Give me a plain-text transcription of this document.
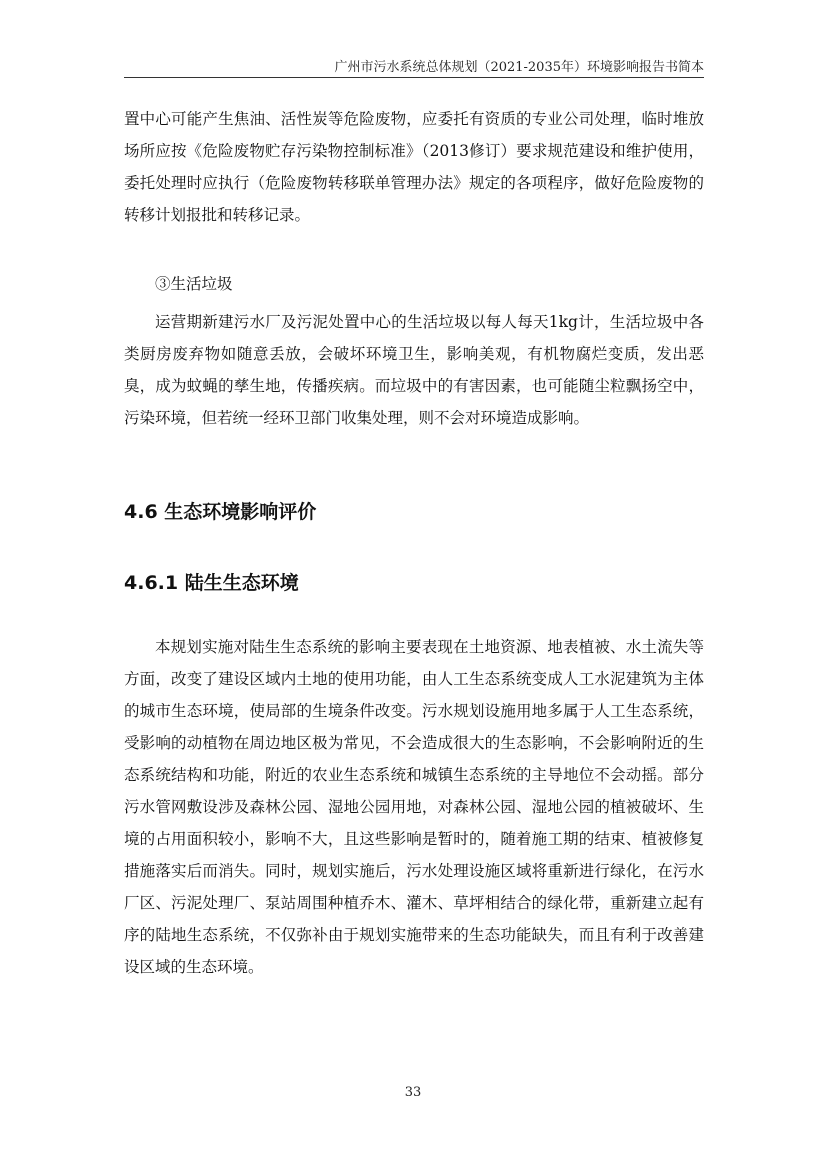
广州市污水系统总体规划（2021-2035年）环境影响报告书简本

置中心可能产生焦油、活性炭等危险废物，应委托有资质的专业公司处理，临时堆放场所应按《危险废物贮存污染物控制标准》（2013修订）要求规范建设和维护使用，委托处理时应执行（危险废物转移联单管理办法》规定的各项程序，做好危险废物的转移计划报批和转移记录。

③生活垃圾

运营期新建污水厂及污泥处置中心的生活垃圾以每人每天1kg计，生活垃圾中各类厨房废弃物如随意丢放，会破坏环境卫生，影响美观，有机物腐烂变质，发出恶臭，成为蚊蝇的孳生地，传播疾病。而垃圾中的有害因素，也可能随尘粒飘扬空中，污染环境，但若统一经环卫部门收集处理，则不会对环境造成影响。

4.6 生态环境影响评价
4.6.1 陆生生态环境

本规划实施对陆生生态系统的影响主要表现在土地资源、地表植被、水土流失等方面，改变了建设区域内土地的使用功能，由人工生态系统变成人工水泥建筑为主体的城市生态环境，使局部的生境条件改变。污水规划设施用地多属于人工生态系统，受影响的动植物在周边地区极为常见，不会造成很大的生态影响，不会影响附近的生态系统结构和功能，附近的农业生态系统和城镇生态系统的主导地位不会动摇。部分污水管网敷设涉及森林公园、湿地公园用地，对森林公园、湿地公园的植被破坏、生境的占用面积较小，影响不大，且这些影响是暂时的，随着施工期的结束、植被修复措施落实后而消失。同时，规划实施后，污水处理设施区域将重新进行绿化，在污水厂区、污泥处理厂、泵站周围种植乔木、灌木、草坪相结合的绿化带，重新建立起有序的陆地生态系统，不仅弥补由于规划实施带来的生态功能缺失，而且有利于改善建设区域的生态环境。

33
